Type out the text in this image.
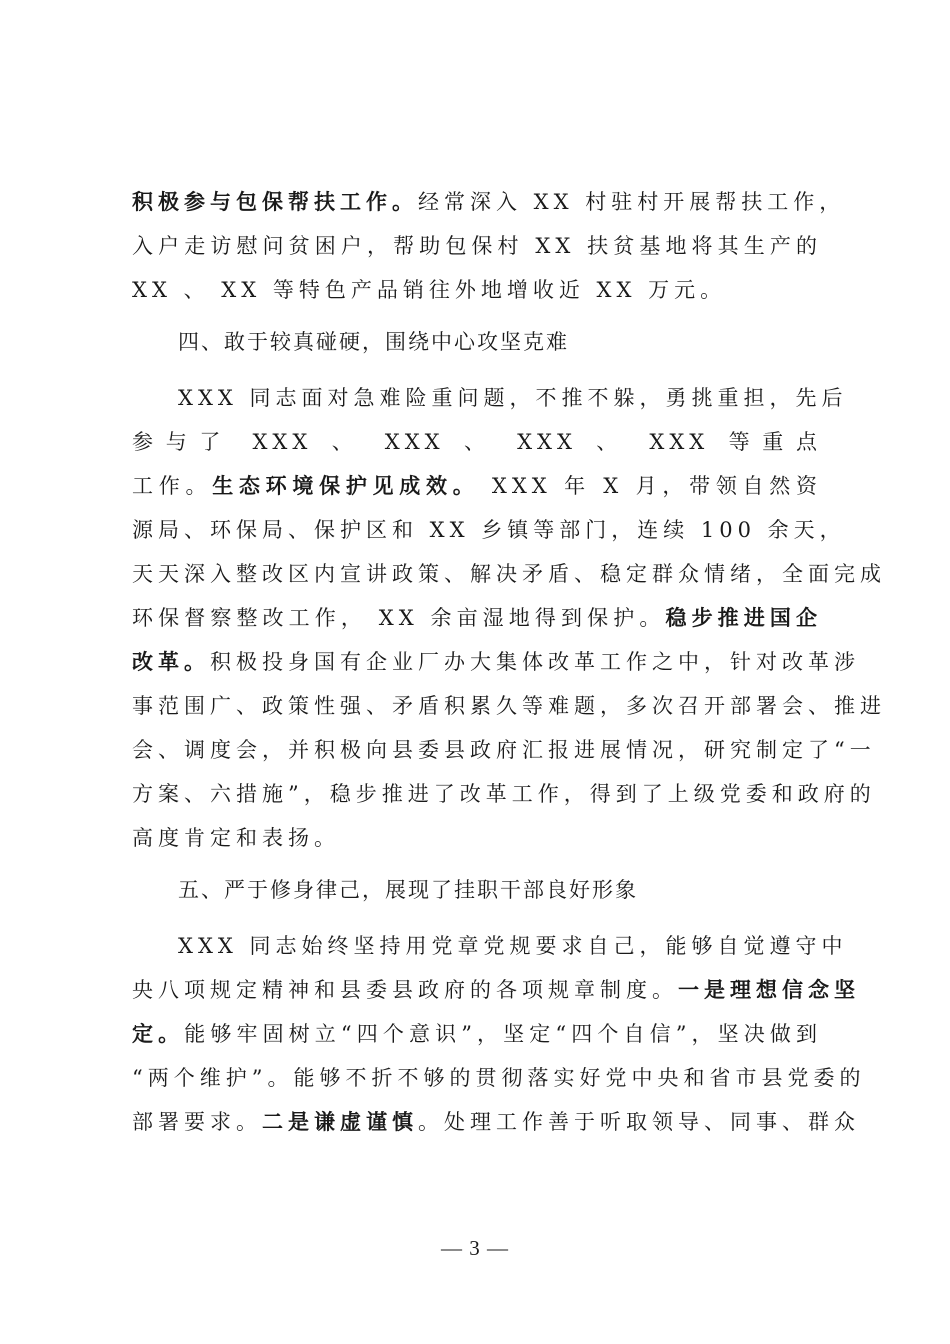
积极参与包保帮扶工作。经常深入 XX 村驻村开展帮扶工作，
入户走访慰问贫困户，帮助包保村 XX 扶贫基地将其生产的
XX 、 XX 等特色产品销往外地增收近 XX 万元。
四、敢于较真碰硬，围绕中心攻坚克难
XXX 同志面对急难险重问题，不推不躲，勇挑重担，先后
参与了 XXX 、 XXX 、 XXX 、 XXX 等重点
工作。生态环境保护见成效。 XXX 年 X 月，带领自然资
源局、环保局、保护区和 XX 乡镇等部门，连续 100 余天，
天天深入整改区内宣讲政策、解决矛盾、稳定群众情绪，全面完成
环保督察整改工作， XX 余亩湿地得到保护。稳步推进国企
改革。积极投身国有企业厂办大集体改革工作之中，针对改革涉
事范围广、政策性强、矛盾积累久等难题，多次召开部署会、推进
会、调度会，并积极向县委县政府汇报进展情况，研究制定了“一
方案、六措施”，稳步推进了改革工作，得到了上级党委和政府的
高度肯定和表扬。
五、严于修身律己，展现了挂职干部良好形象
XXX 同志始终坚持用党章党规要求自己，能够自觉遵守中
央八项规定精神和县委县政府的各项规章制度。一是理想信念坚
定。能够牢固树立“四个意识”，坚定“四个自信”，坚决做到
“两个维护”。能够不折不够的贯彻落实好党中央和省市县党委的
部署要求。二是谦虚谨慎。处理工作善于听取领导、同事、群众
— 3 —
